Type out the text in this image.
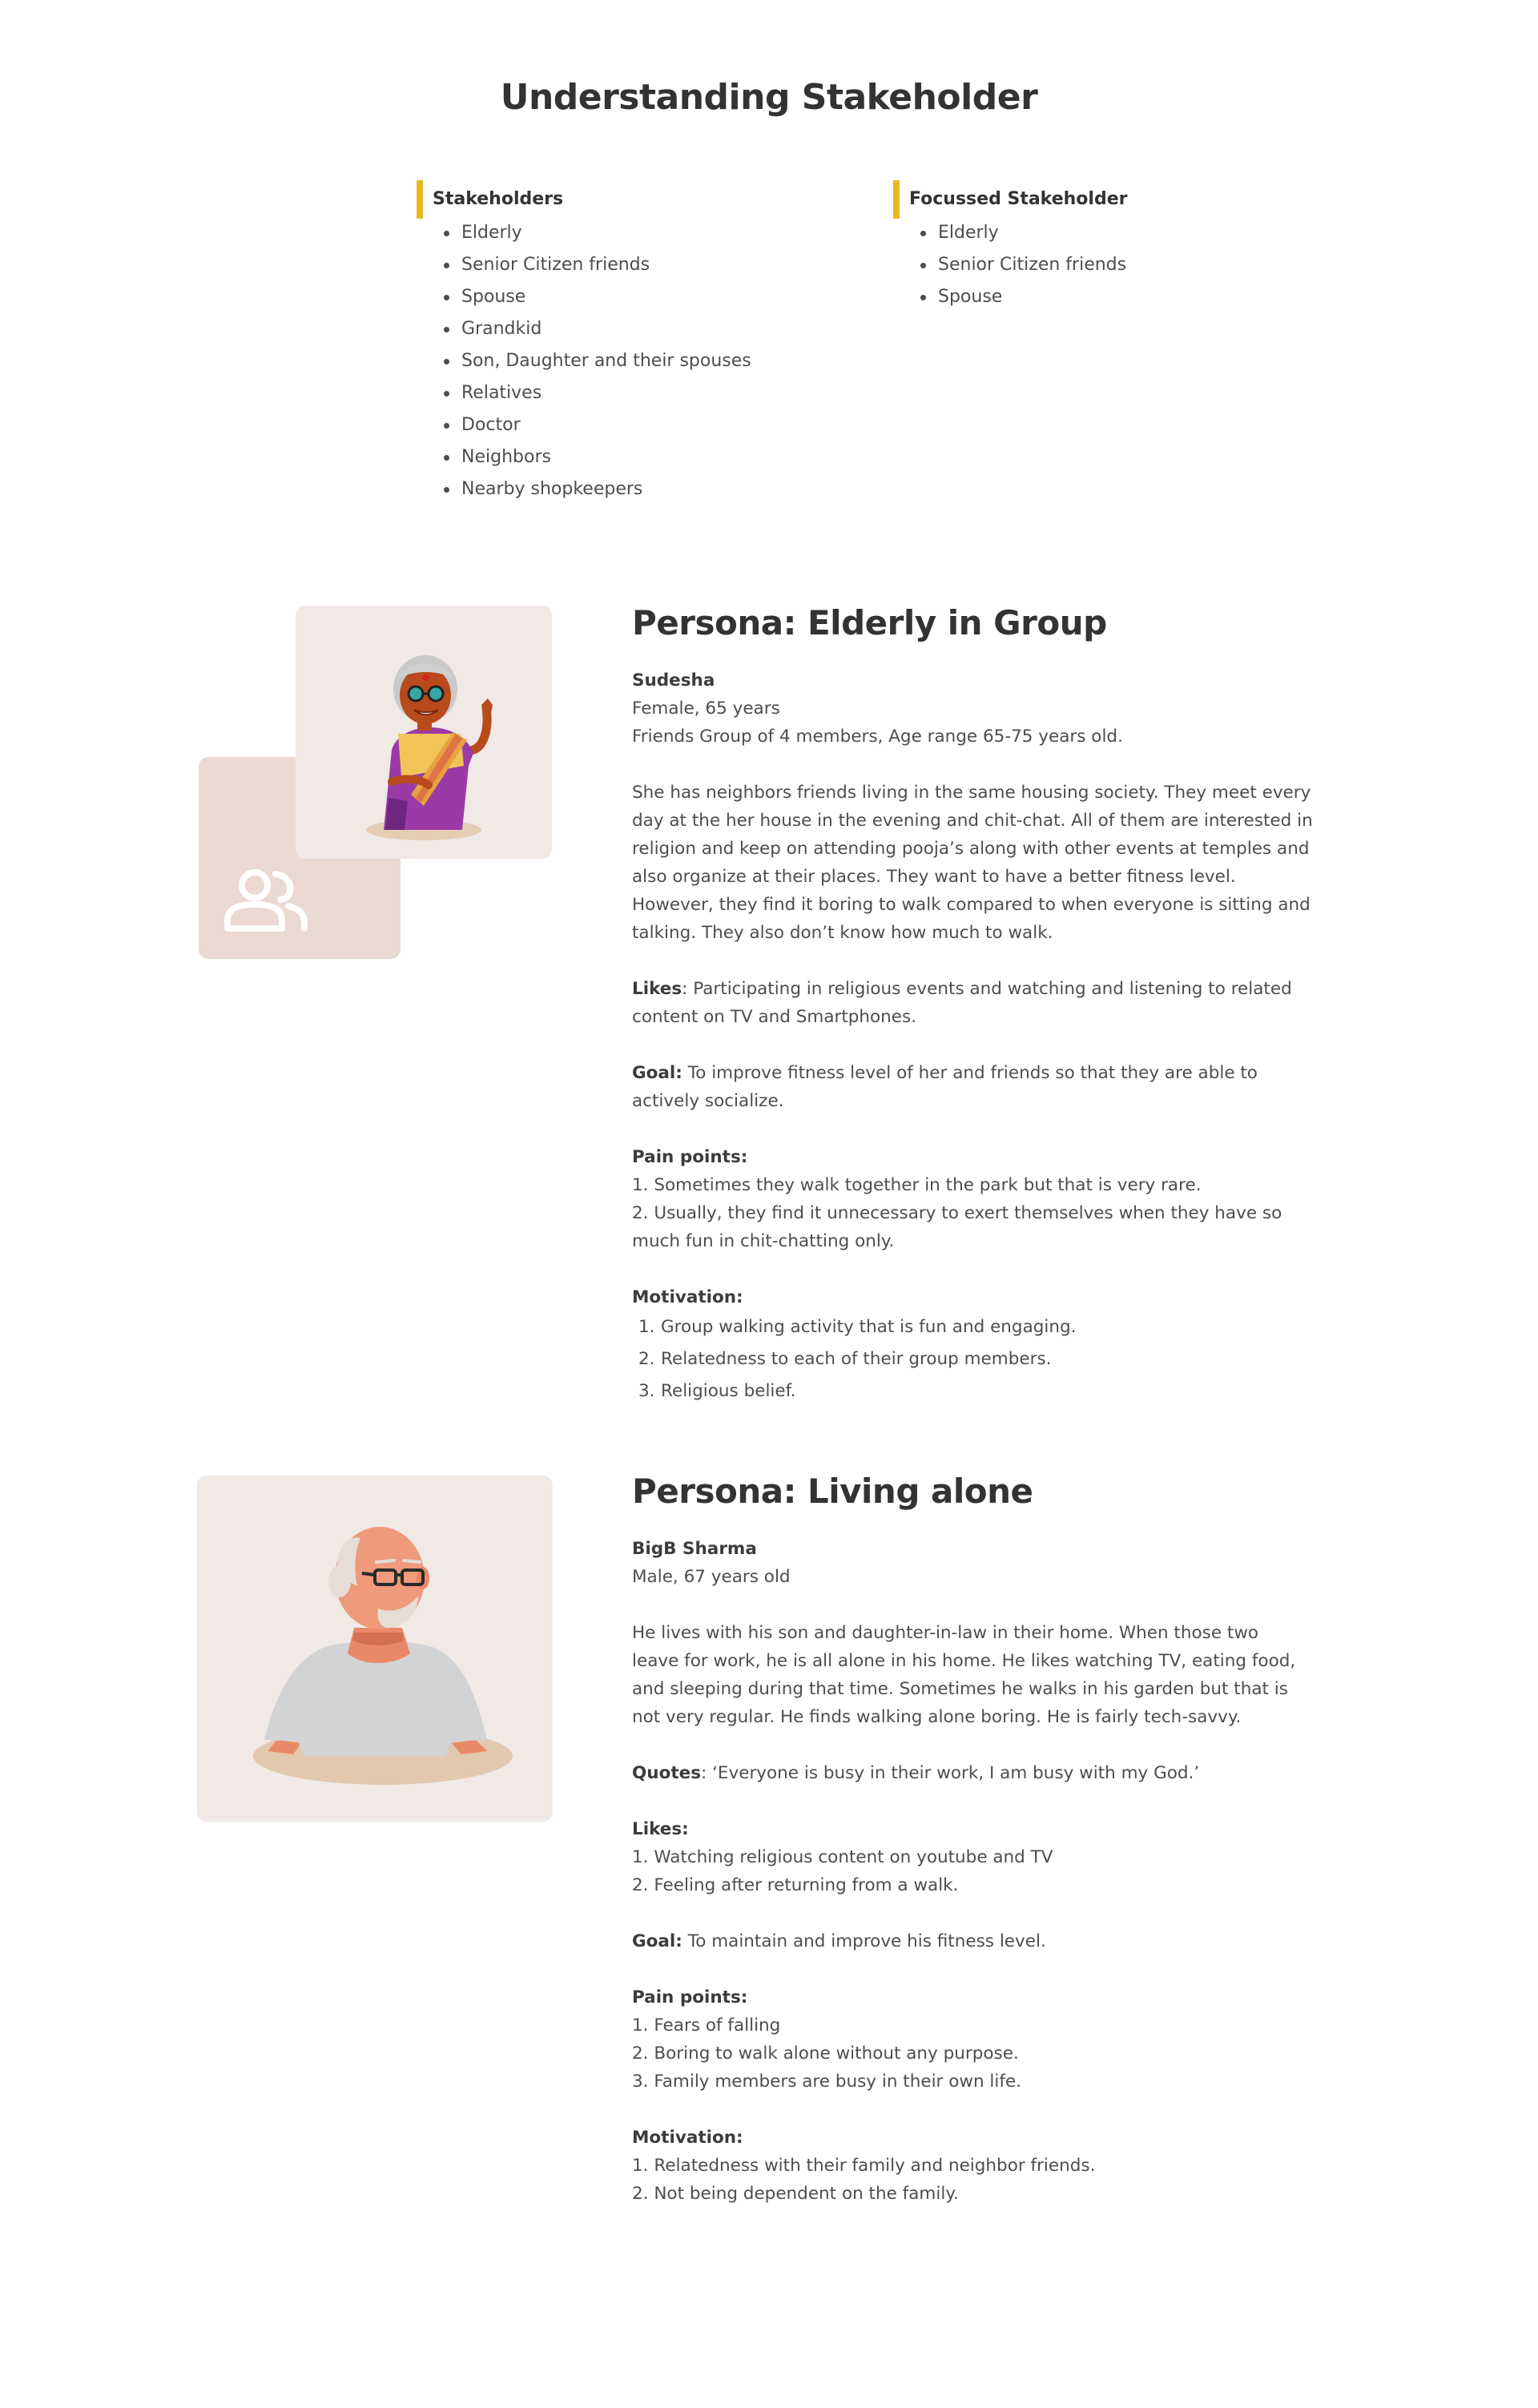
Understanding Stakeholder
Stakeholders
Elderly
Senior Citizen friends
Spouse
Grandkid
Son, Daughter and their spouses
Relatives
Doctor
Neighbors
Nearby shopkeepers
Focussed Stakeholder
Elderly
Senior Citizen friends
Spouse
Persona: Elderly in Group

Sudesha

Female, 65 years

Friends Group of 4 members, Age range 65-75 years old.

She has neighbors friends living in the same housing society. They meet every

day at the her house in the evening and chit-chat. All of them are interested in

religion and keep on attending pooja’s along with other events at temples and

also organize at their places. They want to have a better fitness level.

However, they find it boring to walk compared to when everyone is sitting and

talking. They also don’t know how much to walk.

Likes: Participating in religious events and watching and listening to related

content on TV and Smartphones.

Goal: To improve fitness level of her and friends so that they are able to

actively socialize.

Pain points:

1. Sometimes they walk together in the park but that is very rare.

2. Usually, they find it unnecessary to exert themselves when they have so

much fun in chit-chatting only.

Motivation:

1. Group walking activity that is fun and engaging.
2. Relatedness to each of their group members.
3. Religious belief.
Persona: Living alone

BigB Sharma

Male, 67 years old

He lives with his son and daughter-in-law in their home. When those two

leave for work, he is all alone in his home. He likes watching TV, eating food,

and sleeping during that time. Sometimes he walks in his garden but that is

not very regular. He finds walking alone boring. He is fairly tech-savvy.

Quotes: ‘Everyone is busy in their work, I am busy with my God.’

Likes:

1. Watching religious content on youtube and TV

2. Feeling after returning from a walk.

Goal: To maintain and improve his fitness level.

Pain points:

1. Fears of falling

2. Boring to walk alone without any purpose.

3. Family members are busy in their own life.

Motivation:

1. Relatedness with their family and neighbor friends.

2. Not being dependent on the family.
